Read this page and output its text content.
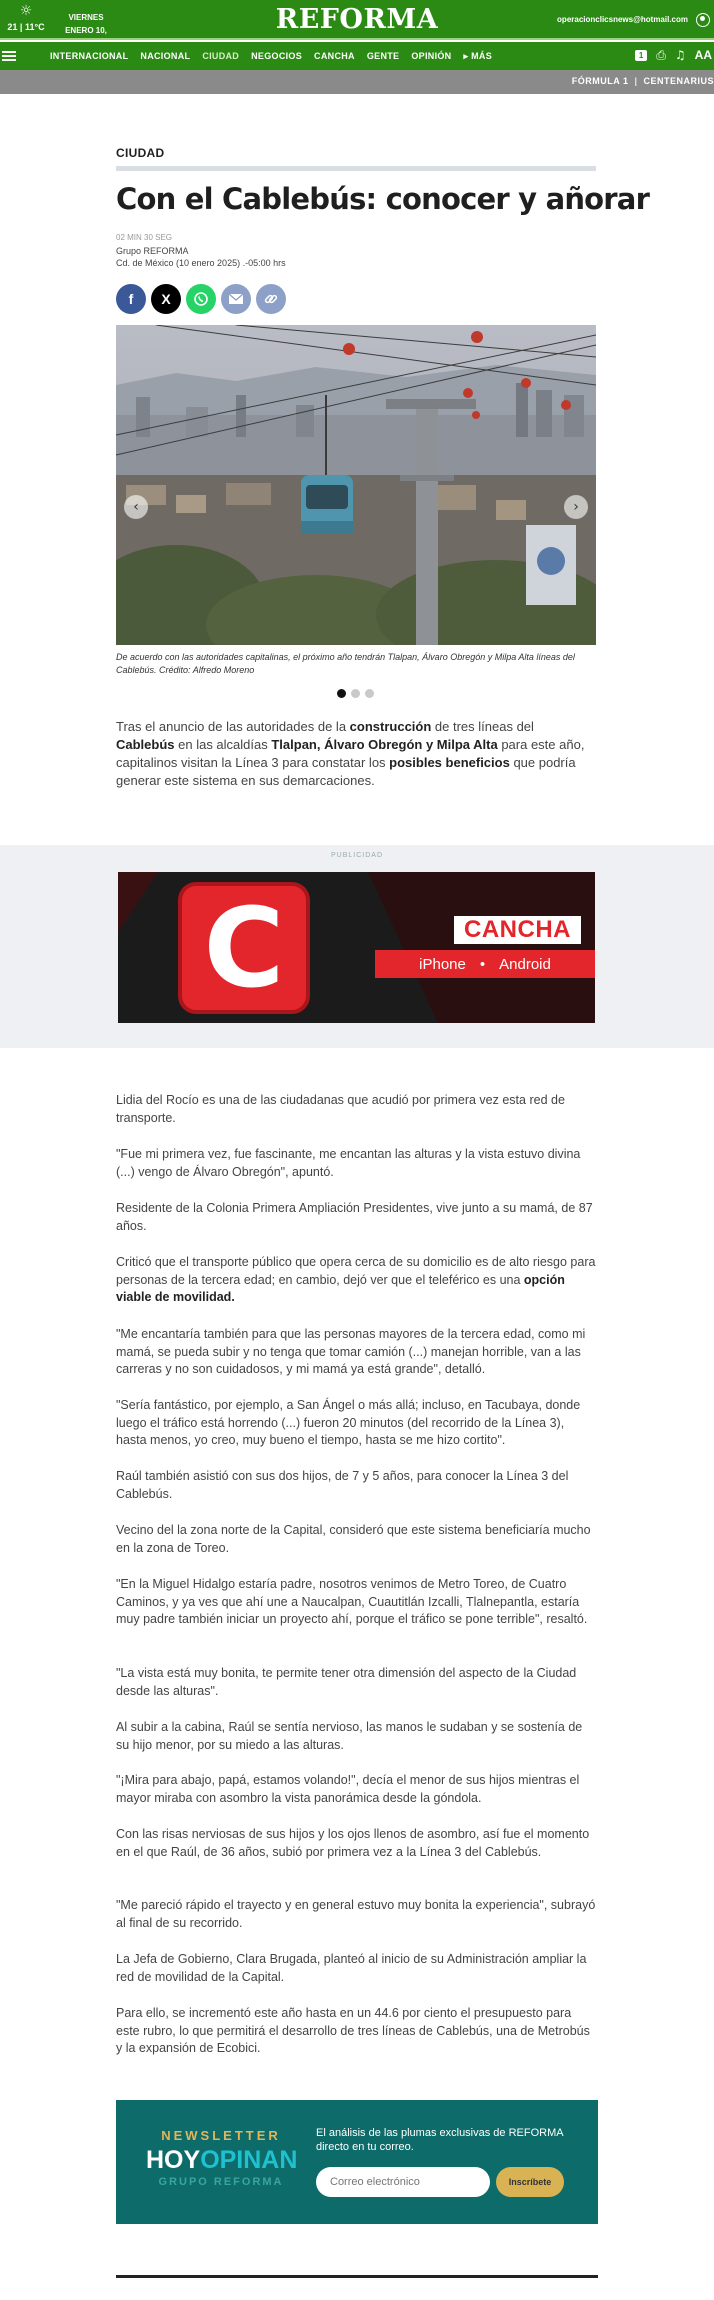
☼
21 | 11°C
VIERNES
ENERO 10,	REFORMA	operacionclicsnews@hotmail.com
INTERNACIONAL NACIONAL CIUDAD NEGOCIOS CANCHA GENTE OPINIÓN ▸ MÁS	1	⎙ ♫ AA
FÓRMULA 1 | CENTENARIUS
CIUDAD
Con el Cablebús: conocer y añorar
02 MIN 30 SEG
Grupo REFORMA
Cd. de México (10 enero 2025) .-05:00 hrs
f	X
‹	›
De acuerdo con las autoridades capitalinas, el próximo año tendrán Tlalpan, Álvaro Obregón y Milpa Alta líneas del Cablebús. Crédito: Alfredo Moreno

Tras el anuncio de las autoridades de la construcción de tres líneas del Cablebús en las alcaldías Tlalpan, Álvaro Obregón y Milpa Alta para este año, capitalinos visitan la Línea 3 para constatar los posibles beneficios que podría generar este sistema en sus demarcaciones.

PUBLICIDAD
C	CANCHA
iPhone • Android

Lidia del Rocío es una de las ciudadanas que acudió por primera vez esta red de transporte.

"Fue mi primera vez, fue fascinante, me encantan las alturas y la vista estuvo divina (...) vengo de Álvaro Obregón", apuntó.

Residente de la Colonia Primera Ampliación Presidentes, vive junto a su mamá, de 87 años.

Criticó que el transporte público que opera cerca de su domicilio es de alto riesgo para personas de la tercera edad; en cambio, dejó ver que el teleférico es una opción viable de movilidad.

"Me encantaría también para que las personas mayores de la tercera edad, como mi mamá, se pueda subir y no tenga que tomar camión (...) manejan horrible, van a las carreras y no son cuidadosos, y mi mamá ya está grande", detalló.

"Sería fantástico, por ejemplo, a San Ángel o más allá; incluso, en Tacubaya, donde luego el tráfico está horrendo (...) fueron 20 minutos (del recorrido de la Línea 3), hasta menos, yo creo, muy bueno el tiempo, hasta se me hizo cortito".

Raúl también asistió con sus dos hijos, de 7 y 5 años, para conocer la Línea 3 del Cablebús.

Vecino del la zona norte de la Capital, consideró que este sistema beneficiaría mucho en la zona de Toreo.

"En la Miguel Hidalgo estaría padre, nosotros venimos de Metro Toreo, de Cuatro Caminos, y ya ves que ahí une a Naucalpan, Cuautitlán Izcalli, Tlalnepantla, estaría muy padre también iniciar un proyecto ahí, porque el tráfico se pone terrible", resaltó.

"La vista está muy bonita, te permite tener otra dimensión del aspecto de la Ciudad desde las alturas".

Al subir a la cabina, Raúl se sentía nervioso, las manos le sudaban y se sostenía de su hijo menor, por su miedo a las alturas.

"¡Mira para abajo, papá, estamos volando!", decía el menor de sus hijos mientras el mayor miraba con asombro la vista panorámica desde la góndola.

Con las risas nerviosas de sus hijos y los ojos llenos de asombro, así fue el momento en el que Raúl, de 36 años, subió por primera vez a la Línea 3 del Cablebús.

"Me pareció rápido el trayecto y en general estuvo muy bonita la experiencia", subrayó al final de su recorrido.

La Jefa de Gobierno, Clara Brugada, planteó al inicio de su Administración ampliar la red de movilidad de la Capital.

Para ello, se incrementó este año hasta en un 44.6 por ciento el presupuesto para este rubro, lo que permitirá el desarrollo de tres líneas de Cablebús, una de Metrobús y la expansión de Ecobici.

NEWSLETTER
HOYOPINAN
GRUPO REFORMA
El análisis de las plumas exclusivas de REFORMA directo en tu correo.
Correo electrónico
Inscríbete
